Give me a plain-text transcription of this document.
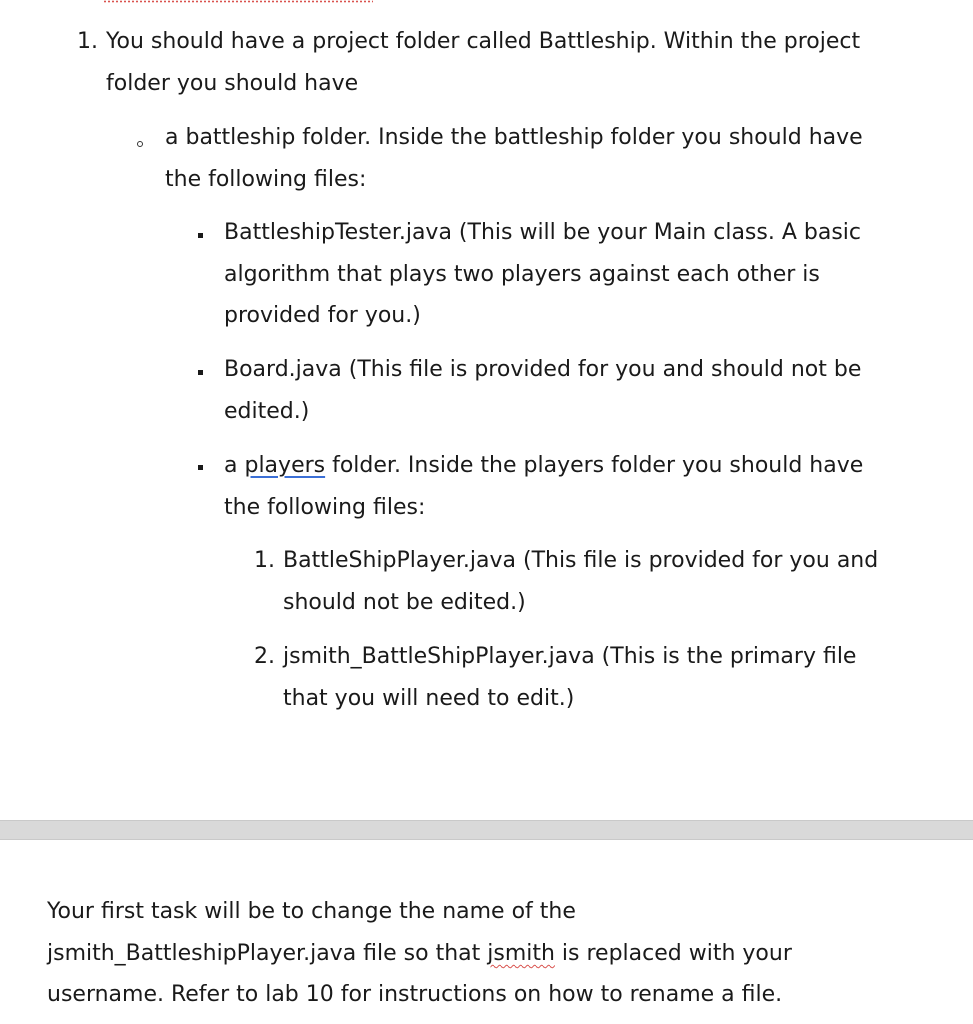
1. You should have a project folder called Battleship. Within the project
folder you should have
a battleship folder. Inside the battleship folder you should have
the following files:
BattleshipTester.java (This will be your Main class. A basic
algorithm that plays two players against each other is
provided for you.)
Board.java (This file is provided for you and should not be
edited.)
a players folder. Inside the players folder you should have
the following files:
1. BattleShipPlayer.java (This file is provided for you and
should not be edited.)
2. jsmith_BattleShipPlayer.java (This is the primary file
that you will need to edit.)
Your first task will be to change the name of the
jsmith_BattleshipPlayer.java file so that jsmith is replaced with your
username. Refer to lab 10 for instructions on how to rename a file.
